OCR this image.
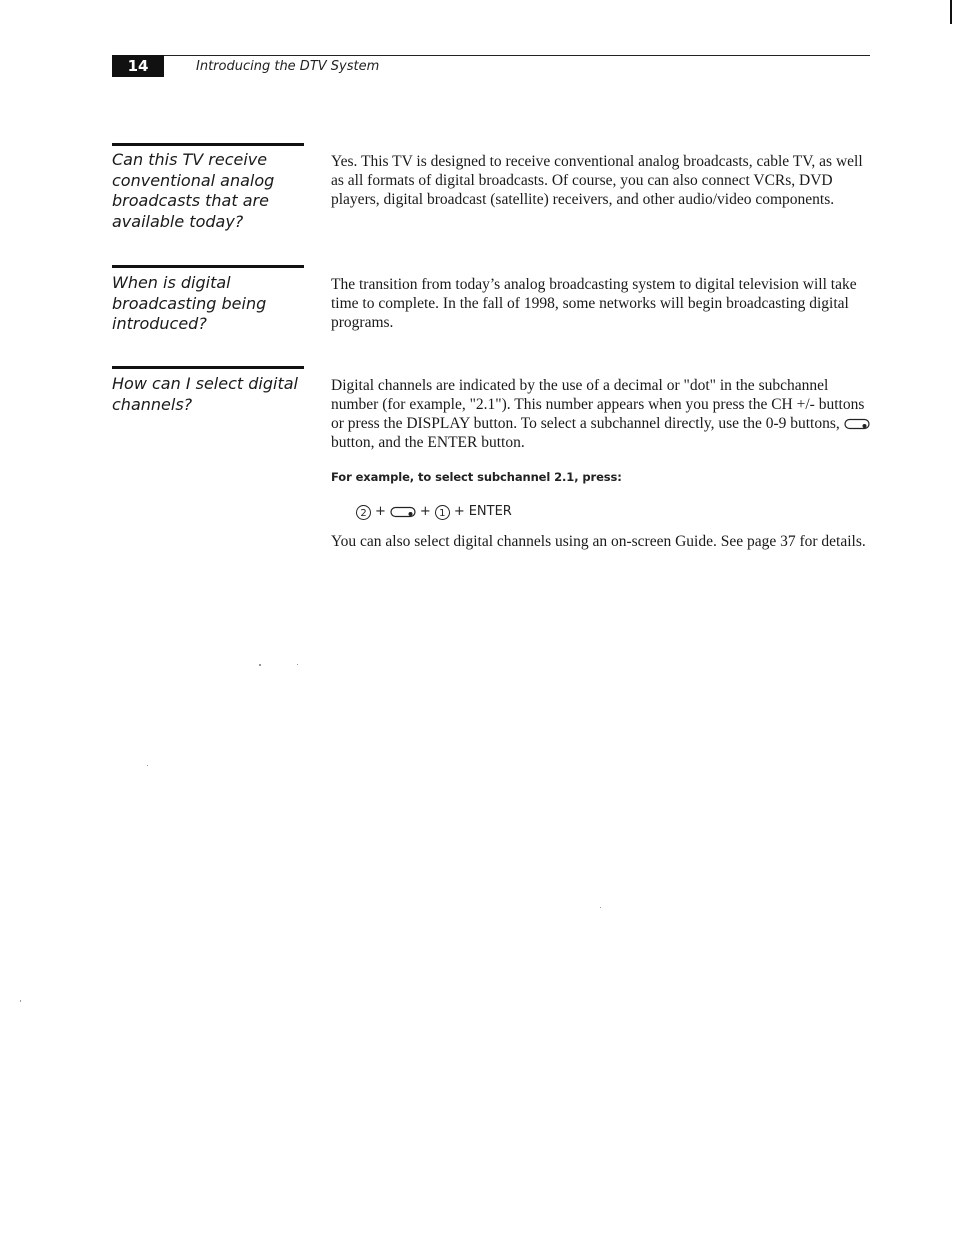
14	Introducing the DTV System
Can this TV receive conventional analog broadcasts that are available today?

Yes. This TV is designed to receive conventional analog broadcasts, cable TV, as well as all formats of digital broadcasts. Of course, you can also connect VCRs, DVD players, digital broadcast (satellite) receivers, and other audio/video components.

When is digital broadcasting being introduced?

The transition from today’s analog broadcasting system to digital television will take time to complete. In the fall of 1998, some networks will begin broadcasting digital programs.

How can I select digital channels?

Digital channels are indicated by the use of a decimal or "dot" in the subchannel number (for example, "2.1"). This number appears when you press the CH +/- buttons or press the DISPLAY button. To select a subchannel directly, use the 0-9 buttons,  button, and the ENTER button.

For example, to select subchannel 2.1, press:
2 +	+ 1 + ENTER

You can also select digital channels using an on-screen Guide. See page 37 for details.
